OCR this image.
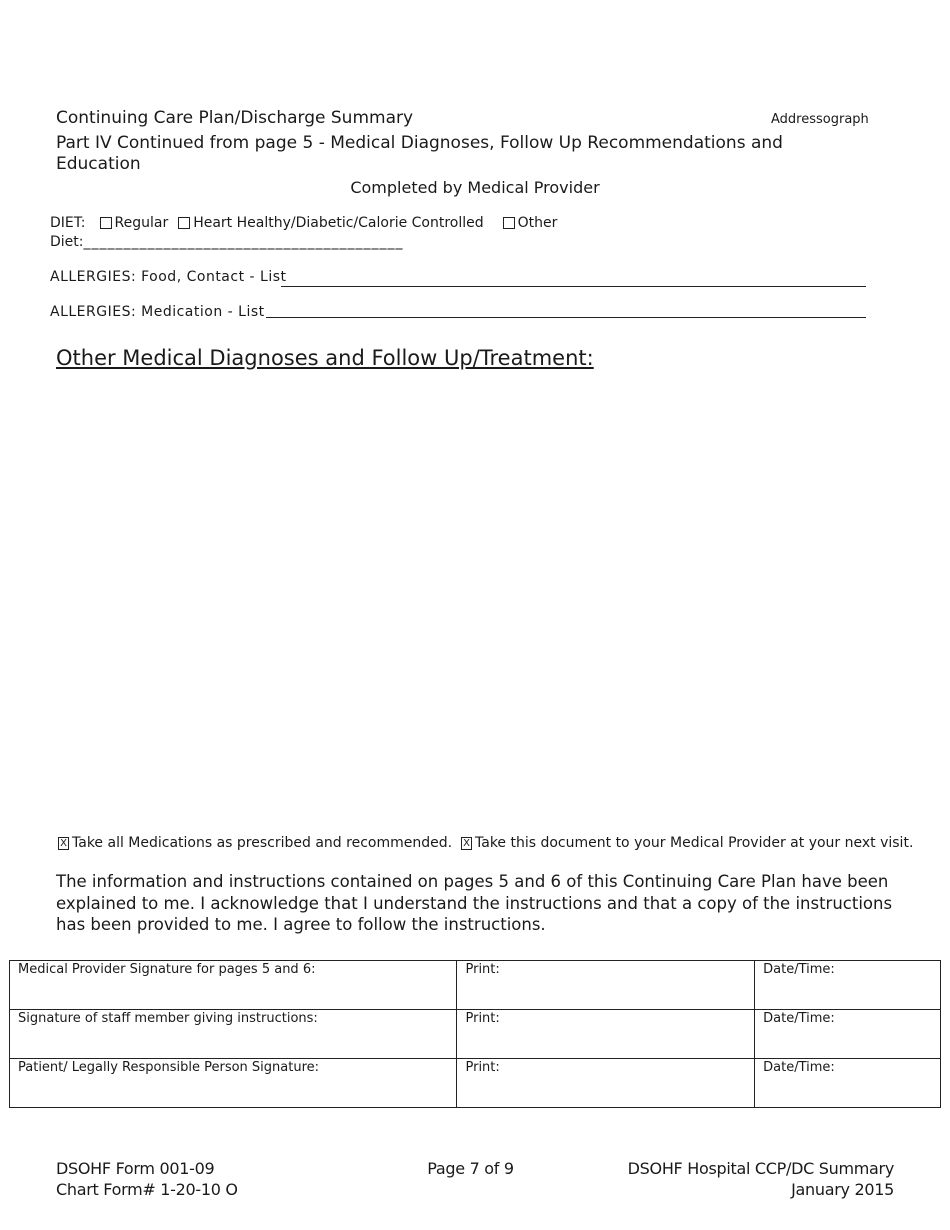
Continuing Care Plan/Discharge Summary	Addressograph
Part IV Continued from page 5 - Medical Diagnoses, Follow Up Recommendations and Education
Completed by Medical Provider
DIET: Regular Heart Healthy/Diabetic/Calorie Controlled Other
Diet:________________________________________
ALLERGIES: Food, Contact - List
ALLERGIES: Medication - List
Other Medical Diagnoses and Follow Up/Treatment:
X Take all Medications as prescribed and recommended. X Take this document to your Medical Provider at your next visit.
The information and instructions contained on pages 5 and 6 of this Continuing Care Plan have been explained to me. I acknowledge that I understand the instructions and that a copy of the instructions has been provided to me. I agree to follow the instructions.
Medical Provider Signature for pages 5 and 6:	Print:	Date/Time:

Signature of staff member giving instructions:	Print:	Date/Time:

Patient/ Legally Responsible Person Signature:	Print:	Date/Time:
DSOHF Form 001-09
Chart Form# 1-20-10 O
Page 7 of 9	DSOHF Hospital CCP/DC Summary
January 2015
